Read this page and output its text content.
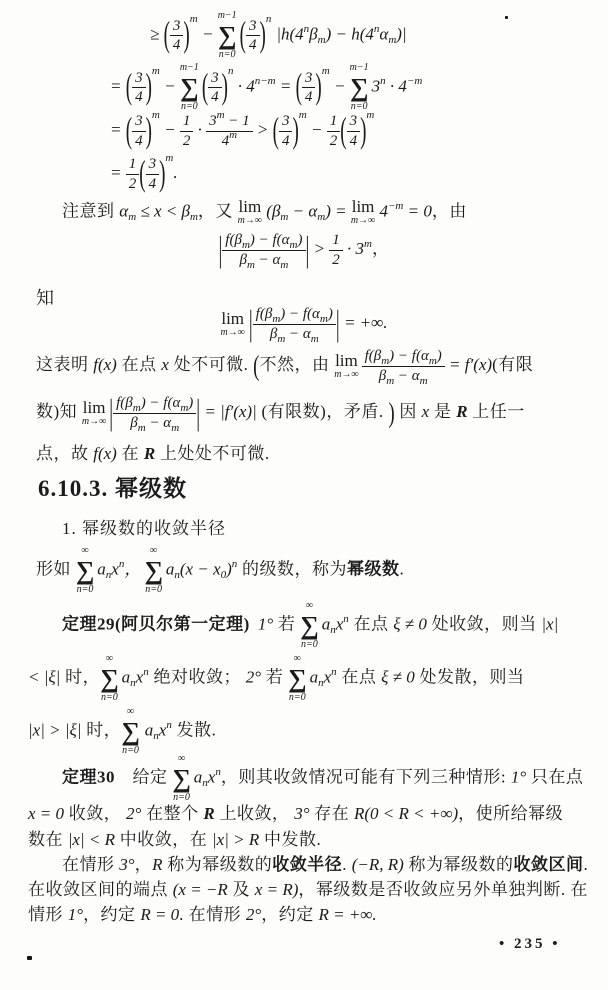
≥ ( $\frac{3}{4} )^m$ −
m−1
∑
n=0 ( $\frac{3}{4} )^n|h(4^n\beta_m) - h(4^n\alpha_m)|$
= ( $\frac{3}{4} )^m$ −
m−1
∑
n=0 ( $\frac{3}{4} )^n \cdot 4^{n-m}$ = ( $\frac{3}{4} )^m$ −
m−1
∑
n=0
$3^n \cdot 4^{-m}$
= ( $\frac{3}{4} )^m - \frac{1}{2} \cdot \frac{3^m - 1}{4^m}$ > ( $\frac{3}{4} )^m - \frac{1}{2}$ ( $\frac{3}{4} )^m$
= $\frac{1}{2}$ ( $\frac{3}{4} )^m$.
注意到 $\alpha_m \le x < \beta_m$，又 lim
m→∞
$(\beta_m - \alpha_m) = \lim$
m→∞
$4^{-m} = 0$，由
| $\frac{f(\beta_m) - f(\alpha_m)}{\beta_m - \alpha_m}$ | > $\frac{1}{2} \cdot 3^m$，
知
lim
m→∞ | $\frac{f(\beta_m) - f(\alpha_m)}{\beta_m - \alpha_m}$ | = +∞.
这表明 f(x) 在点 x 处不可微. (不然，由 lim
$m\to\infty \frac{f(\beta_m) - f(\alpha_m)}{\beta_m - \alpha_m} = f'(x)$(有限
数)知 lim
m→∞ | $\frac{f(\beta_m) - f(\alpha_m)}{\beta_m - \alpha_m}$ | = |f′(x)| (有限数)，矛盾. ) 因 x 是 R 上任一
点，故 f(x) 在 R 上处处不可微.
6.10.3. 幂级数
1. 幂级数的收敛半径
形如
∞
∑
n=0
$a_nx^n$，
∞
∑
n=0
$a_n(x - x_0)^n$ 的级数，称为幂级数.
定理29(阿贝尔第一定理) 1° 若
∞
∑
n=0
$a_nx^n$ 在点 ξ ≠ 0 处收敛，则当 |x|
< |ξ| 时，
∞
∑
n=0
$a_nx^n$ 绝对收敛； 2° 若
∞
∑
n=0
$a_nx^n$ 在点 ξ ≠ 0 处发散，则当
|x| > |ξ| 时，
∞
∑
n=0
$a_nx^n$ 发散.
定理30　给定
∞
∑
n=0
$a_nx^n$，则其收敛情况可能有下列三种情形: 1° 只在点
x = 0 收敛， 2° 在整个 R 上收敛， 3° 存在 R(0 < R < +∞)，使所给幂级
数在 |x| < R 中收敛，在 |x| > R 中发散.
在情形 3°，R 称为幂级数的收敛半径. (−R, R) 称为幂级数的收敛区间.
在收敛区间的端点 (x = −R 及 x = R)，幂级数是否收敛应另外单独判断. 在
情形 1°，约定 R = 0. 在情形 2°，约定 R = +∞.
• 235 •
